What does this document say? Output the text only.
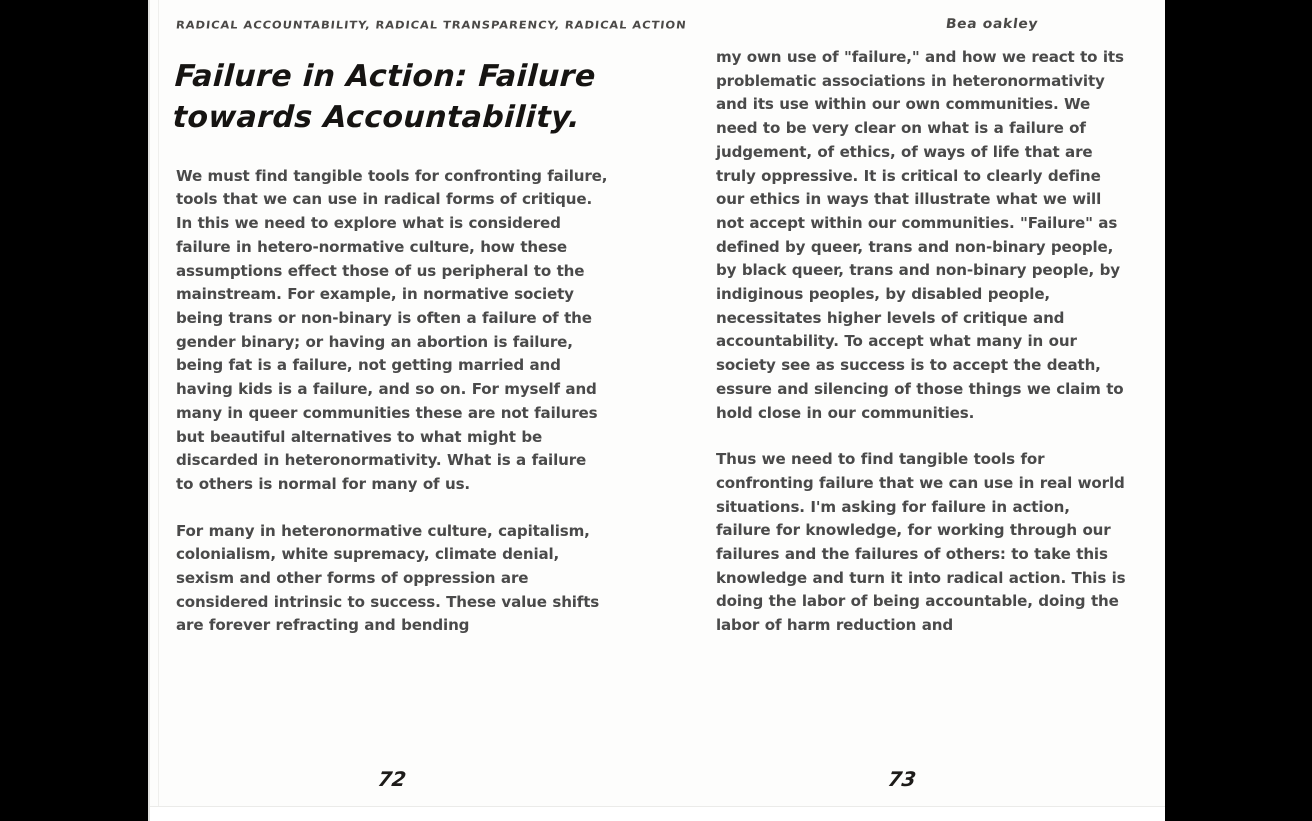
RADICAL ACCOUNTABILITY, RADICAL TRANSPARENCY, RADICAL ACTION	Bea oakley
Failure in Action: Failure towards Accountability.

We must find tangible tools for confronting failure, tools that we can use in radical forms of critique. In this we need to explore what is considered failure in hetero-normative culture, how these assumptions effect those of us peripheral to the mainstream. For example, in normative society being trans or non-binary is often a failure of the gender binary; or having an abortion is failure, being fat is a failure, not getting married and having kids is a failure, and so on. For myself and many in queer communities these are not failures but beautiful alternatives to what might be discarded in heteronormativity. What is a failure to others is normal for many of us.

For many in heteronormative culture, capitalism, colonialism, white supremacy, climate denial, sexism and other forms of oppression are considered intrinsic to success. These value shifts are forever refracting and bending

my own use of "failure," and how we react to its problematic associations in heteronormativity and its use within our own communities. We need to be very clear on what is a failure of judgement, of ethics, of ways of life that are truly oppressive. It is critical to clearly define our ethics in ways that illustrate what we will not accept within our communities. "Failure" as defined by queer, trans and non-binary people, by black queer, trans and non-binary people, by indiginous peoples, by disabled people, necessitates higher levels of critique and accountability. To accept what many in our society see as success is to accept the death, essure and silencing of those things we claim to hold close in our communities.

Thus we need to find tangible tools for confronting failure that we can use in real world situations. I'm asking for failure in action, failure for knowledge, for working through our failures and the failures of others: to take this knowledge and turn it into radical action. This is doing the labor of being accountable, doing the labor of harm reduction and

72	73
